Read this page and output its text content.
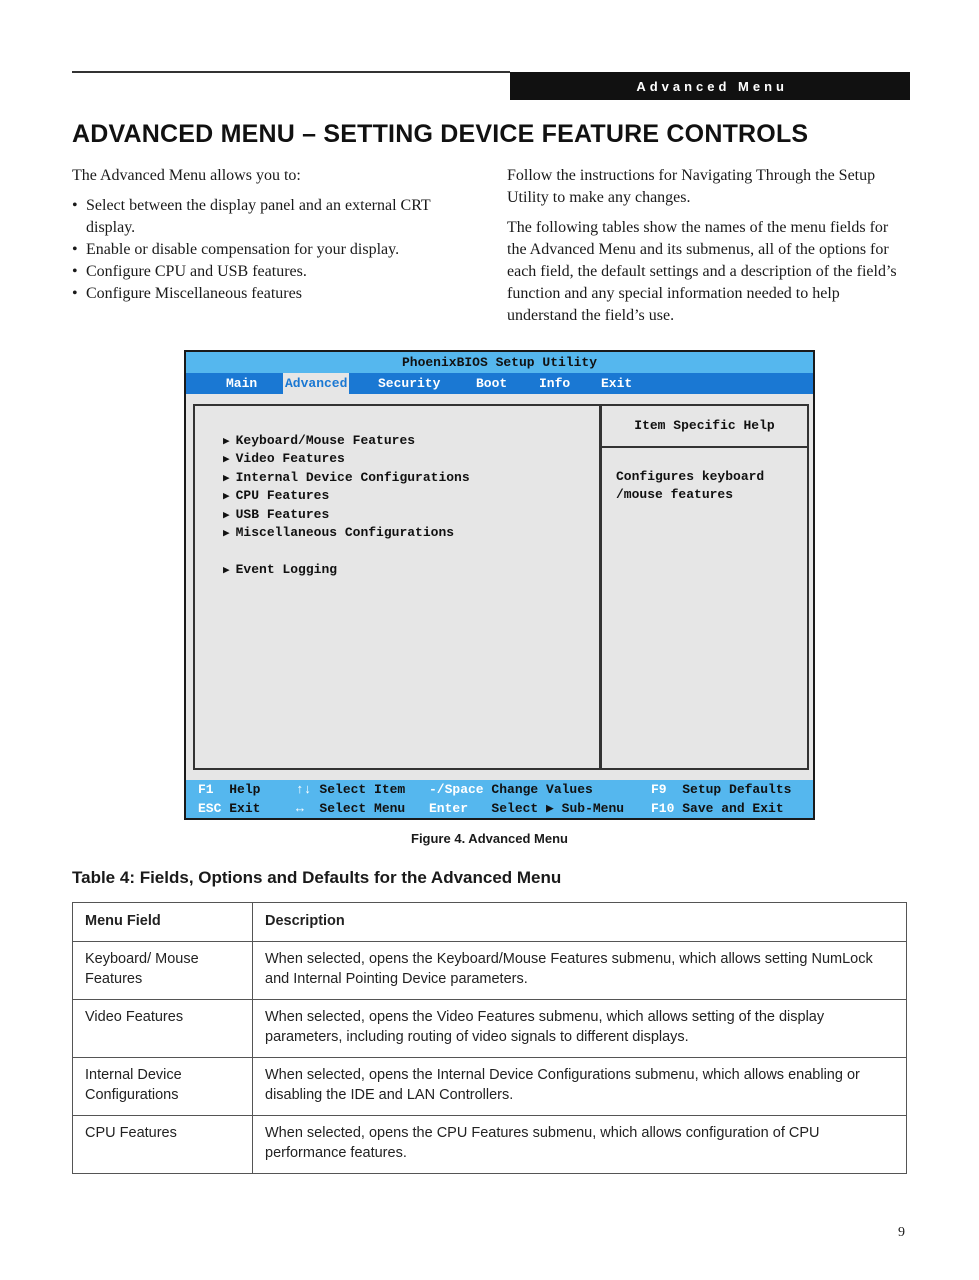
Advanced Menu
ADVANCED MENU – SETTING DEVICE FEATURE CONTROLS

The Advanced Menu allows you to:

• Select between the display panel and an external CRT display.
• Enable or disable compensation for your display.
• Configure CPU and USB features.
• Configure Miscellaneous features

Follow the instructions for Navigating Through the Setup Utility to make any changes.

The following tables show the names of the menu fields for the Advanced Menu and its submenus, all of the options for each field, the default settings and a description of the field’s function and any special information needed to help understand the field’s use.

PhoenixBIOS Setup Utility
Main Advanced Security	Boot Info Exit
▶ Keyboard/Mouse Features
▶ Video Features
▶ Internal Device Configurations
▶ CPU Features
▶ USB Features
▶ Miscellaneous Configurations
▶ Event Logging
Item Specific Help
Configures keyboard
/mouse features
F1 Help	↑↓ Select Item -/Space Change Values	F9 Setup Defaults
ESC Exit	↔ Select Menu Enter Select ▶ Sub-Menu F10 Save and Exit
Figure 4. Advanced Menu
Table 4: Fields, Options and Defaults for the Advanced Menu
Menu Field	Description
Keyboard/ Mouse Features	When selected, opens the Keyboard/Mouse Features submenu, which allows setting NumLock and Internal Pointing Device parameters.
Video Features	When selected, opens the Video Features submenu, which allows setting of the display parameters, including routing of video signals to different displays.
Internal Device Configurations	When selected, opens the Internal Device Configurations submenu, which allows enabling or disabling the IDE and LAN Controllers.
CPU Features	When selected, opens the CPU Features submenu, which allows configuration of CPU performance features.
9
